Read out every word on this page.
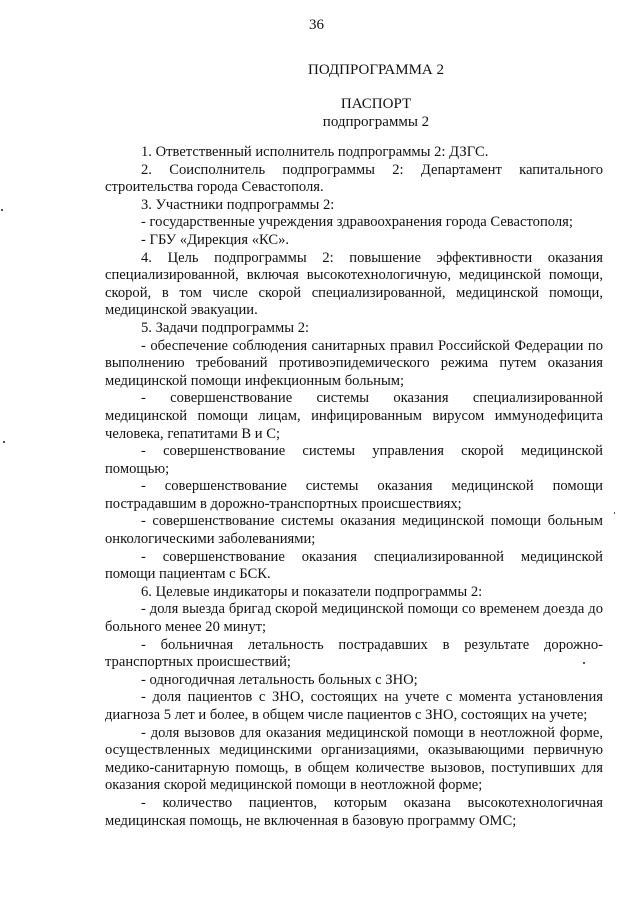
36
ПОДПРОГРАММА 2
ПАСПОРТ
подпрограммы 2

1. Ответственный исполнитель подпрограммы 2: ДЗГС.

2. Соисполнитель подпрограммы 2: Департамент капитального строительства города Севастополя.

3. Участники подпрограммы 2:

- государственные учреждения здравоохранения города Севастополя;

- ГБУ «Дирекция «КС».

4. Цель подпрограммы 2: повышение эффективности оказания специализированной, включая высокотехнологичную, медицинской помощи, скорой, в том числе скорой специализированной, медицинской помощи, медицинской эвакуации.

5. Задачи подпрограммы 2:

- обеспечение соблюдения санитарных правил Российской Федерации по выполнению требований противоэпидемического режима путем оказания медицинской помощи инфекционным больным;

- совершенствование системы оказания специализированной медицинской помощи лицам, инфицированным вирусом иммунодефицита человека, гепатитами В и С;

- совершенствование системы управления скорой медицинской помощью;

- совершенствование системы оказания медицинской помощи пострадавшим в дорожно-транспортных происшествиях;

- совершенствование системы оказания медицинской помощи больным онкологическими заболеваниями;

- совершенствование оказания специализированной медицинской помощи пациентам с БСК.

6. Целевые индикаторы и показатели подпрограммы 2:

- доля выезда бригад скорой медицинской помощи со временем доезда до больного менее 20 минут;

- больничная летальность пострадавших в результате дорожно-транспортных происшествий;

- одногодичная летальность больных с ЗНО;

- доля пациентов с ЗНО, состоящих на учете с момента установления диагноза 5 лет и более, в общем числе пациентов с ЗНО, состоящих на учете;

- доля вызовов для оказания медицинской помощи в неотложной форме, осуществленных медицинскими организациями, оказывающими первичную медико-санитарную помощь, в общем количестве вызовов, поступивших для оказания скорой медицинской помощи в неотложной форме;

- количество пациентов, которым оказана высокотехнологичная медицинская помощь, не включенная в базовую программу ОМС;
